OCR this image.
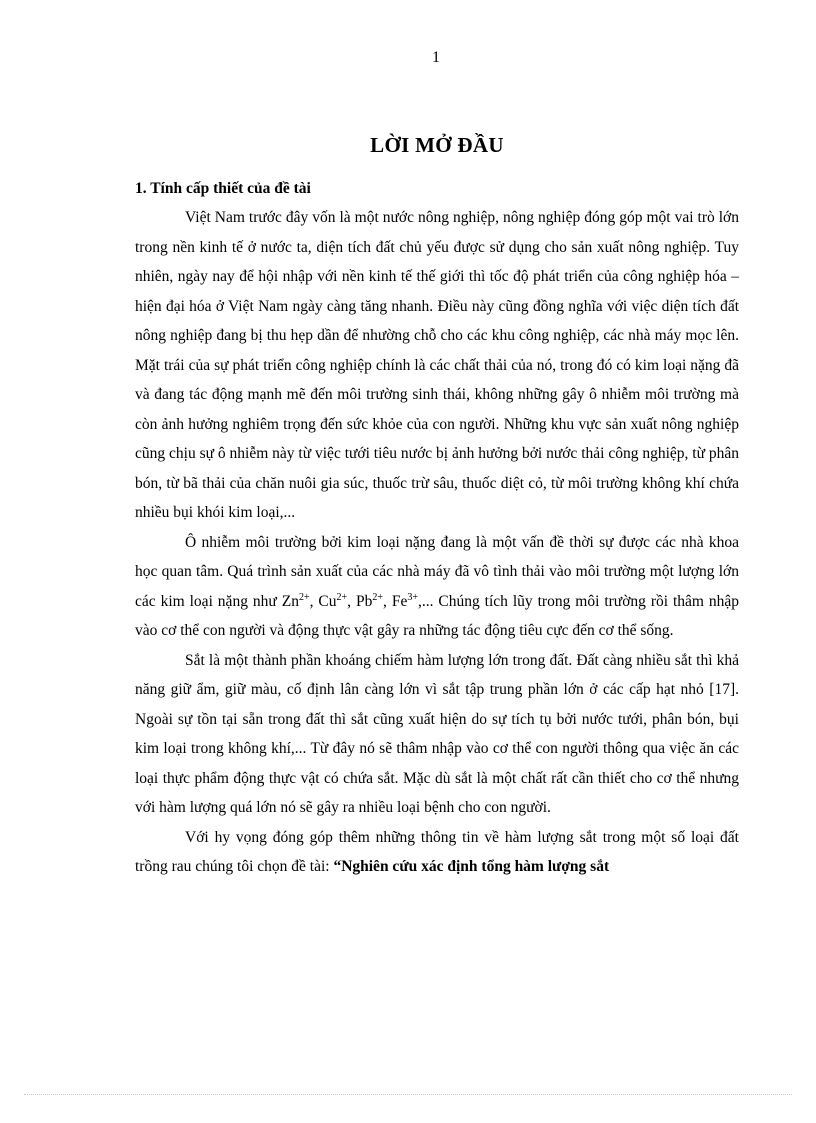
1
LỜI MỞ ĐẦU
1. Tính cấp thiết của đề tài

Việt Nam trước đây vốn là một nước nông nghiệp, nông nghiệp đóng góp một vai trò lớn trong nền kinh tế ở nước ta, diện tích đất chủ yếu được sử dụng cho sản xuất nông nghiệp. Tuy nhiên, ngày nay để hội nhập với nền kinh tế thế giới thì tốc độ phát triển của công nghiệp hóa – hiện đại hóa ở Việt Nam ngày càng tăng nhanh. Điều này cũng đồng nghĩa với việc diện tích đất nông nghiệp đang bị thu hẹp dần để nhường chỗ cho các khu công nghiệp, các nhà máy mọc lên. Mặt trái của sự phát triển công nghiệp chính là các chất thải của nó, trong đó có kim loại nặng đã và đang tác động mạnh mẽ đến môi trường sinh thái, không những gây ô nhiễm môi trường mà còn ảnh hưởng nghiêm trọng đến sức khỏe của con người. Những khu vực sản xuất nông nghiệp cũng chịu sự ô nhiễm này từ việc tưới tiêu nước bị ảnh hưởng bởi nước thải công nghiệp, từ phân bón, từ bã thải của chăn nuôi gia súc, thuốc trừ sâu, thuốc diệt cỏ, từ môi trường không khí chứa nhiều bụi khói kim loại,...

Ô nhiễm môi trường bởi kim loại nặng đang là một vấn đề thời sự được các nhà khoa học quan tâm. Quá trình sản xuất của các nhà máy đã vô tình thải vào môi trường một lượng lớn các kim loại nặng như $Zn^{2+}$, $Cu^{2+}$, $Pb^{2+}$, $Fe^{3+}$,... Chúng tích lũy trong môi trường rồi thâm nhập vào cơ thể con người và động thực vật gây ra những tác động tiêu cực đến cơ thể sống.

Sắt là một thành phần khoáng chiếm hàm lượng lớn trong đất. Đất càng nhiều sắt thì khả năng giữ ẩm, giữ màu, cố định lân càng lớn vì sắt tập trung phần lớn ở các cấp hạt nhỏ [17]. Ngoài sự tồn tại sẵn trong đất thì sắt cũng xuất hiện do sự tích tụ bởi nước tưới, phân bón, bụi kim loại trong không khí,... Từ đây nó sẽ thâm nhập vào cơ thể con người thông qua việc ăn các loại thực phẩm động thực vật có chứa sắt. Mặc dù sắt là một chất rất cần thiết cho cơ thể nhưng với hàm lượng quá lớn nó sẽ gây ra nhiều loại bệnh cho con người.

Với hy vọng đóng góp thêm những thông tin về hàm lượng sắt trong một số loại đất trồng rau chúng tôi chọn đề tài: “Nghiên cứu xác định tổng hàm lượng sắt
